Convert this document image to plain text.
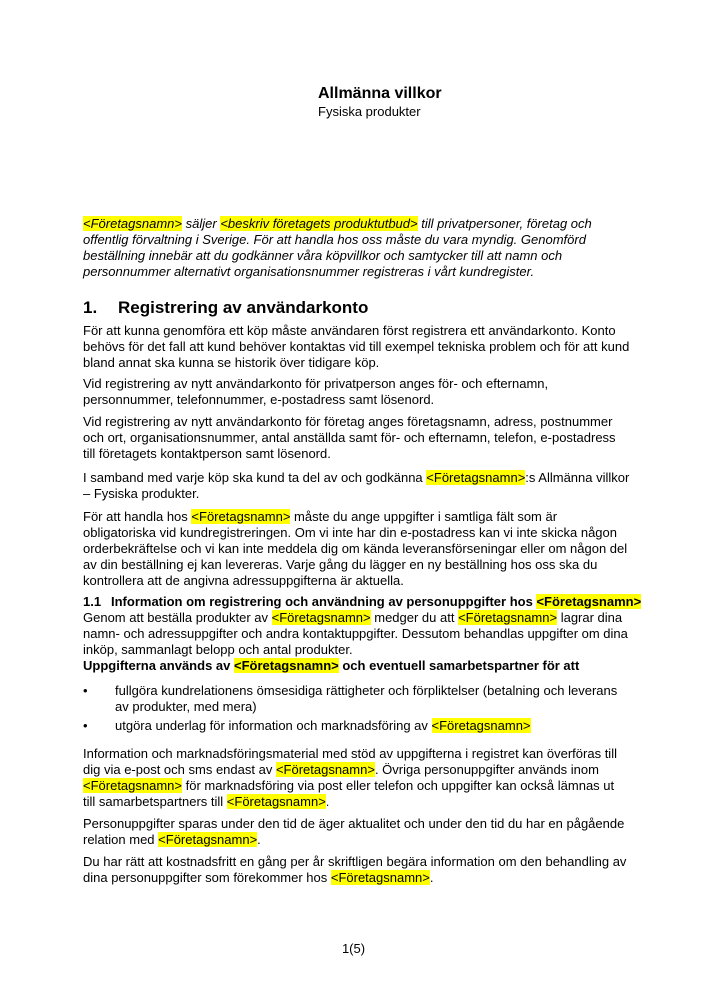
Allmänna villkor
Fysiska produkter
<Företagsnamn> säljer <beskriv företagets produktutbud> till privatpersoner, företag och offentlig förvaltning i Sverige. För att handla hos oss måste du vara myndig. Genomförd beställning innebär att du godkänner våra köpvillkor och samtycker till att namn och personnummer alternativt organisationsnummer registreras i vårt kundregister.
1. Registrering av användarkonto
För att kunna genomföra ett köp måste användaren först registrera ett användarkonto. Konto behövs för det fall att kund behöver kontaktas vid till exempel tekniska problem och för att kund bland annat ska kunna se historik över tidigare köp.
Vid registrering av nytt användarkonto för privatperson anges för- och efternamn, personnummer, telefonnummer, e-postadress samt lösenord.
Vid registrering av nytt användarkonto för företag anges företagsnamn, adress, postnummer och ort, organisationsnummer, antal anställda samt för- och efternamn, telefon, e-postadress till företagets kontaktperson samt lösenord.
I samband med varje köp ska kund ta del av och godkänna <Företagsnamn>:s Allmänna villkor – Fysiska produkter.
För att handla hos <Företagsnamn> måste du ange uppgifter i samtliga fält som är obligatoriska vid kundregistreringen. Om vi inte har din e-postadress kan vi inte skicka någon orderbekräftelse och vi kan inte meddela dig om kända leveransförseningar eller om någon del av din beställning ej kan levereras. Varje gång du lägger en ny beställning hos oss ska du kontrollera att de angivna adressuppgifterna är aktuella.
1.1 Information om registrering och användning av personuppgifter hos <Företagsnamn>
Genom att beställa produkter av <Företagsnamn> medger du att <Företagsnamn> lagrar dina namn- och adressuppgifter och andra kontaktuppgifter. Dessutom behandlas uppgifter om dina inköp, sammanlagt belopp och antal produkter.
Uppgifterna används av <Företagsnamn> och eventuell samarbetspartner för att
•	fullgöra kundrelationens ömsesidiga rättigheter och förpliktelser (betalning och leverans av produkter, med mera)
•	utgöra underlag för information och marknadsföring av <Företagsnamn>
Information och marknadsföringsmaterial med stöd av uppgifterna i registret kan överföras till dig via e-post och sms endast av <Företagsnamn>. Övriga personuppgifter används inom <Företagsnamn> för marknadsföring via post eller telefon och uppgifter kan också lämnas ut till samarbetspartners till <Företagsnamn>.
Personuppgifter sparas under den tid de äger aktualitet och under den tid du har en pågående relation med <Företagsnamn>.
Du har rätt att kostnadsfritt en gång per år skriftligen begära information om den behandling av dina personuppgifter som förekommer hos <Företagsnamn>.
1(5)
